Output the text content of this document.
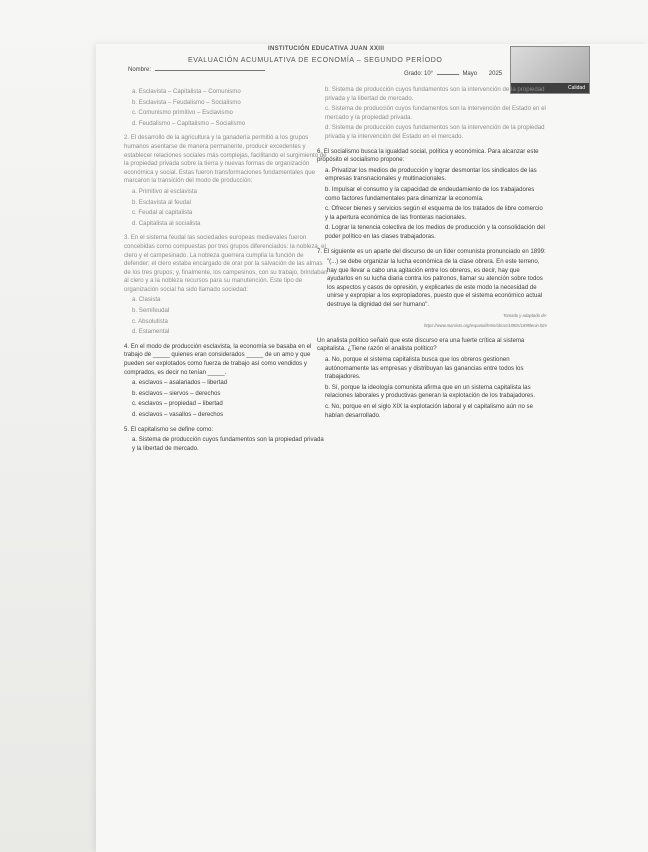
INSTITUCIÓN EDUCATIVA JUAN XXIII
EVALUACIÓN ACUMULATIVA DE ECONOMÍA – SEGUNDO PERÍODO
Nombre:
Grado: 10°	Mayo 2025
Calidad

a. Esclavista – Capitalista – Comunismo

b. Esclavista – Feudalismo – Socialismo

c. Comunismo primitivo – Esclavismo

d. Feudalismo – Capitalismo – Socialismo

2. El desarrollo de la agricultura y la ganadería permitió a los grupos humanos asentarse de manera permanente, producir excedentes y establecer relaciones sociales más complejas, facilitando el surgimiento de la propiedad privada sobre la tierra y nuevas formas de organización económica y social. Estas fueron transformaciones fundamentales que marcaron la transición del modo de producción:

a. Primitivo al esclavista

b. Esclavista al feudal

c. Feudal al capitalista

d. Capitalista al socialista

3. En el sistema feudal las sociedades europeas medievales fueron concebidas como compuestas por tres grupos diferenciados: la nobleza, el clero y el campesinado. La nobleza guerrera cumplía la función de defender; el clero estaba encargado de orar por la salvación de las almas de los tres grupos; y, finalmente, los campesinos, con su trabajo, brindaban al clero y a la nobleza recursos para su manutención. Este tipo de organización social ha sido llamado sociedad:

a. Clasista

b. Semifeudal

c. Absolutista

d. Estamental

4. En el modo de producción esclavista, la economía se basaba en el trabajo de _____ quienes eran considerados _____ de un amo y que pueden ser explotados como fuerza de trabajo así como vendidos y comprados, es decir no tenían _____.

a. esclavos – asalariados – libertad

b. esclavos – siervos – derechos

c. esclavos – propiedad – libertad

d. esclavos – vasallos – derechos

5. El capitalismo se define como:

a. Sistema de producción cuyos fundamentos son la propiedad privada y la libertad de mercado.

b. Sistema de producción cuyos fundamentos son la intervención de la propiedad privada y la libertad de mercado.

c. Sistema de producción cuyos fundamentos son la intervención del Estado en el mercado y la propiedad privada.

d. Sistema de producción cuyos fundamentos son la intervención de la propiedad privada y la intervención del Estado en el mercado.

6. El socialismo busca la igualdad social, política y económica. Para alcanzar este propósito el socialismo propone:

a. Privatizar los medios de producción y lograr desmontar los sindicatos de las empresas transnacionales y multinacionales.

b. Impulsar el consumo y la capacidad de endeudamiento de los trabajadores como factores fundamentales para dinamizar la economía.

c. Ofrecer bienes y servicios según el esquema de los tratados de libre comercio y la apertura económica de las fronteras nacionales.

d. Lograr la tenencia colectiva de los medios de producción y la consolidación del poder político en las clases trabajadoras.

7. El siguiente es un aparte del discurso de un líder comunista pronunciado en 1899:

"(...) se debe organizar la lucha económica de la clase obrera. En este terreno, hay que llevar a cabo una agitación entre los obreros, es decir, hay que ayudarlos en su lucha diaria contra los patronos, llamar su atención sobre todos los aspectos y casos de opresión, y explicarles de este modo la necesidad de unirse y expropiar a los expropiadores, puesto que el sistema económico actual destruye la dignidad del ser humano".

Tomado y adaptado de:

https://www.marxists.org/espanol/lenin/obras/1890s/1899lenin.htm

Un analista político señaló que este discurso era una fuerte crítica al sistema capitalista. ¿Tiene razón el analista político?

a. No, porque el sistema capitalista busca que los obreros gestionen autónomamente las empresas y distribuyan las ganancias entre todos los trabajadores.

b. Sí, porque la ideología comunista afirma que en un sistema capitalista las relaciones laborales y productivas generan la explotación de los trabajadores.

c. No, porque en el siglo XIX la explotación laboral y el capitalismo aún no se habían desarrollado.
